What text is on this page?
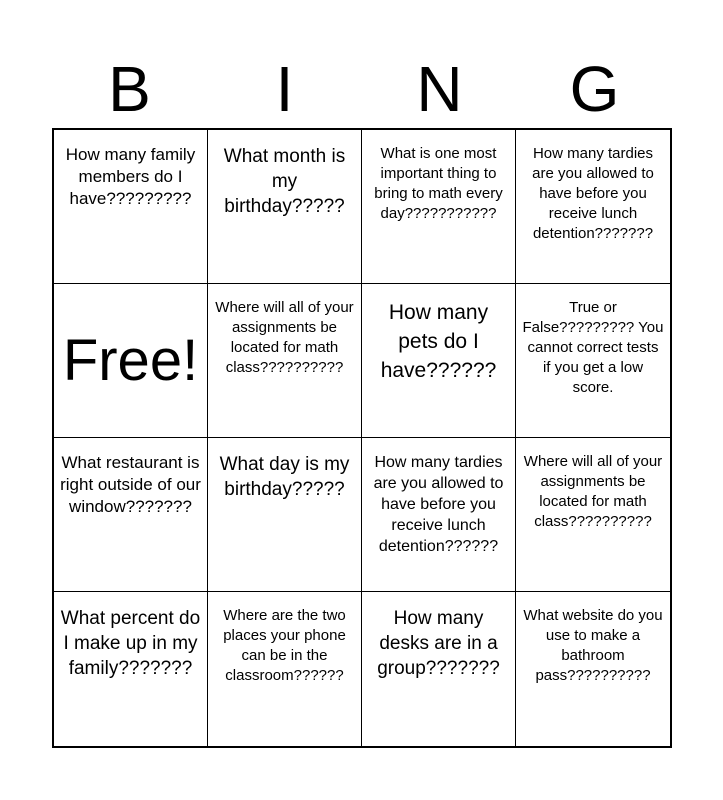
B	I	N	G
How many family members do I have?????????
What month is my birthday?????
What is one most important thing to bring to math every day???????????
How many tardies are you allowed to have before you receive lunch detention???????
Free!
Where will all of your assignments be located for math class??????????
How many pets do I have??????
True or False????????? You cannot correct tests if you get a low score.
What restaurant is right outside of our window???????
What day is my birthday?????
How many tardies are you allowed to have before you receive lunch detention??????
Where will all of your assignments be located for math class??????????
What percent do I make up in my family???????
Where are the two places your phone can be in the classroom??????
How many desks are in a group???????
What website do you use to make a bathroom pass??????????
